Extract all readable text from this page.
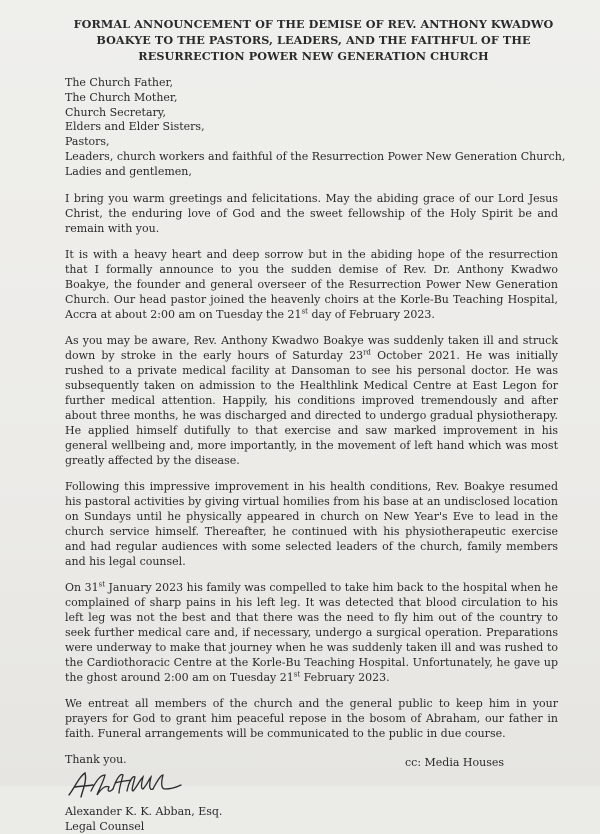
FORMAL ANNOUNCEMENT OF THE DEMISE OF REV. ANTHONY KWADWO BOAKYE TO THE PASTORS, LEADERS, AND THE FAITHFUL OF THE RESURRECTION POWER NEW GENERATION CHURCH
The Church Father,
The Church Mother,
Church Secretary,
Elders and Elder Sisters,
Pastors,
Leaders, church workers and faithful of the Resurrection Power New Generation Church,
Ladies and gentlemen,

I bring you warm greetings and felicitations. May the abiding grace of our Lord Jesus Christ, the enduring love of God and the sweet fellowship of the Holy Spirit be and remain with you.

It is with a heavy heart and deep sorrow but in the abiding hope of the resurrection that I formally announce to you the sudden demise of Rev. Dr. Anthony Kwadwo Boakye, the founder and general overseer of the Resurrection Power New Generation Church. Our head pastor joined the heavenly choirs at the Korle-Bu Teaching Hospital, Accra at about 2:00 am on Tuesday the 21st day of February 2023.

As you may be aware, Rev. Anthony Kwadwo Boakye was suddenly taken ill and struck down by stroke in the early hours of Saturday 23rd October 2021. He was initially rushed to a private medical facility at Dansoman to see his personal doctor. He was subsequently taken on admission to the Healthlink Medical Centre at East Legon for further medical attention. Happily, his conditions improved tremendously and after about three months, he was discharged and directed to undergo gradual physiotherapy. He applied himself dutifully to that exercise and saw marked improvement in his general wellbeing and, more importantly, in the movement of left hand which was most greatly affected by the disease.

Following this impressive improvement in his health conditions, Rev. Boakye resumed his pastoral activities by giving virtual homilies from his base at an undisclosed location on Sundays until he physically appeared in church on New Year's Eve to lead in the church service himself. Thereafter, he continued with his physiotherapeutic exercise and had regular audiences with some selected leaders of the church, family members and his legal counsel.

On 31st January 2023 his family was compelled to take him back to the hospital when he complained of sharp pains in his left leg. It was detected that blood circulation to his left leg was not the best and that there was the need to fly him out of the country to seek further medical care and, if necessary, undergo a surgical operation. Preparations were underway to make that journey when he was suddenly taken ill and was rushed to the Cardiothoracic Centre at the Korle-Bu Teaching Hospital. Unfortunately, he gave up the ghost around 2:00 am on Tuesday 21st February 2023.

We entreat all members of the church and the general public to keep him in your prayers for God to grant him peaceful repose in the bosom of Abraham, our father in faith. Funeral arrangements will be communicated to the public in due course.

Thank you.
Alexander K. K. Abban, Esq.
Legal Counsel
cc: Media Houses
